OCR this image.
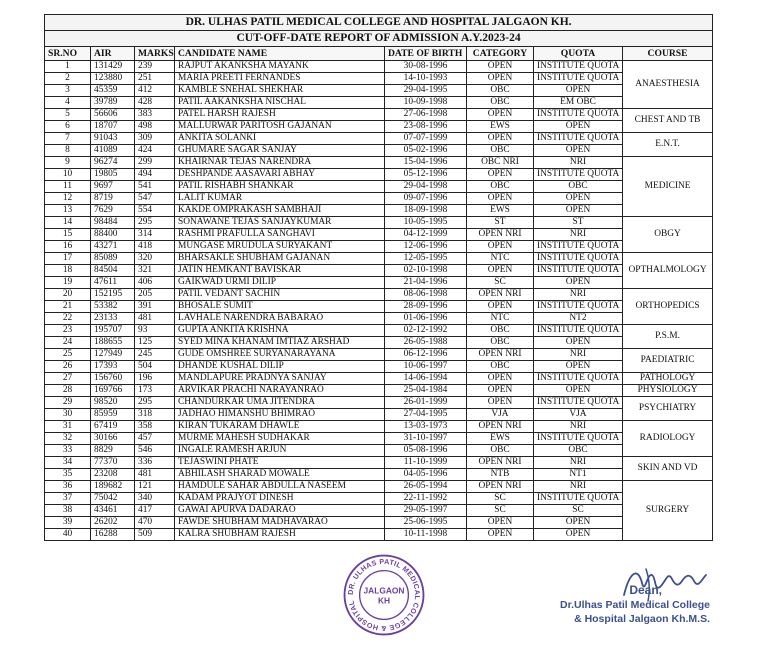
DR. ULHAS PATIL MEDICAL COLLEGE AND HOSPITAL JALGAON KH.							
CUT-OFF-DATE REPORT OF ADMISSION A.Y.2023-24							
SR.NO	AIR	MARKS	CANDIDATE NAME	DATE OF BIRTH	CATEGORY	QUOTA	COURSE
1	131429	239	RAJPUT AKANKSHA MAYANK	30-08-1996	OPEN	INSTITUTE QUOTA	ANAESTHESIA
2	123880	251	MARIA PREETI FERNANDES	14-10-1993	OPEN	INSTITUTE QUOTA	
3	45359	412	KAMBLE SNEHAL SHEKHAR	29-04-1995	OBC	OPEN	
4	39789	428	PATIL AAKANKSHA NISCHAL	10-09-1998	OBC	EM OBC	
5	56606	383	PATEL HARSH RAJESH	27-06-1998	OPEN	INSTITUTE QUOTA	CHEST AND TB
6	18707	498	MALLURWAR PARITOSH GAJANAN	23-08-1996	EWS	OPEN	
7	91043	309	ANKITA SOLANKI	07-07-1999	OPEN	INSTITUTE QUOTA	E.N.T.
8	41089	424	GHUMARE SAGAR SANJAY	05-02-1996	OBC	OPEN	
9	96274	299	KHAIRNAR TEJAS NARENDRA	15-04-1996	OBC NRI	NRI	MEDICINE
10	19805	494	DESHPANDE AASAVARI ABHAY	05-12-1996	OPEN	INSTITUTE QUOTA	
11	9697	541	PATIL RISHABH SHANKAR	29-04-1998	OBC	OBC	
12	8719	547	LALIT KUMAR	09-07-1996	OPEN	OPEN	
13	7629	554	KAKDE OMPRAKASH SAMBHAJI	18-09-1998	EWS	OPEN	
14	98484	295	SONAWANE TEJAS SANJAYKUMAR	10-05-1995	ST	ST	OBGY
15	88400	314	RASHMI PRAFULLA SANGHAVI	04-12-1999	OPEN NRI	NRI	
16	43271	418	MUNGASE MRUDULA SURYAKANT	12-06-1996	OPEN	INSTITUTE QUOTA	
17	85089	320	BHARSAKLE SHUBHAM GAJANAN	12-05-1995	NTC	INSTITUTE QUOTA	OPTHALMOLOGY
18	84504	321	JATIN HEMKANT BAVISKAR	02-10-1998	OPEN	INSTITUTE QUOTA	
19	47611	406	GAIKWAD URMI DILIP	21-04-1996	SC	OPEN	
20	152195	205	PATIL VEDANT SACHIN	08-06-1998	OPEN NRI	NRI	ORTHOPEDICS
21	53382	391	BHOSALE SUMIT	28-09-1996	OPEN	INSTITUTE QUOTA	
22	23133	481	LAVHALE NARENDRA BABARAO	01-06-1996	NTC	NT2	
23	195707	93	GUPTA ANKITA KRISHNA	02-12-1992	OBC	INSTITUTE QUOTA	P.S.M.
24	188655	125	SYED MINA KHANAM IMTIAZ ARSHAD	26-05-1988	OBC	OPEN	
25	127949	245	GUDE OMSHREE SURYANARAYANA	06-12-1996	OPEN NRI	NRI	PAEDIATRIC
26	17393	504	DHANDE KUSHAL DILIP	10-06-1997	OBC	OPEN	
27	156760	196	MANDLAPURE PRADNYA SANJAY	14-06-1994	OPEN	INSTITUTE QUOTA	PATHOLOGY
28	169766	173	ARVIKAR PRACHI NARAYANRAO	25-04-1984	OPEN	OPEN	PHYSIOLOGY
29	98520	295	CHANDURKAR UMA JITENDRA	26-01-1999	OPEN	INSTITUTE QUOTA	PSYCHIATRY
30	85959	318	JADHAO HIMANSHU BHIMRAO	27-04-1995	VJA	VJA	
31	67419	358	KIRAN TUKARAM DHAWLE	13-03-1973	OPEN NRI	NRI	RADIOLOGY
32	30166	457	MURME MAHESH SUDHAKAR	31-10-1997	EWS	INSTITUTE QUOTA	
33	8829	546	INGALE RAMESH ARJUN	05-08-1996	OBC	OBC	
34	77370	336	TEJASWINI PHATE	11-10-1999	OPEN NRI	NRI	SKIN AND VD
35	23208	481	ABHILASH SHARAD MOWALE	04-05-1996	NTB	NT1	
36	189682	121	HAMDULE SAHAR ABDULLA NASEEM	26-05-1994	OPEN NRI	NRI	SURGERY
37	75042	340	KADAM PRAJYOT DINESH	22-11-1992	SC	INSTITUTE QUOTA	
38	43461	417	GAWAI APURVA DADARAO	29-05-1997	SC	SC	
39	26202	470	FAWDE SHUBHAM MADHAVARAO	25-06-1995	OPEN	OPEN	
40	16288	509	KALRA SHUBHAM RAJESH	10-11-1998	OPEN	OPEN	
DR. ULHAS PATIL MEDICAL COLLEGE & HOSPITAL
JALGAON
KH
Dean,
Dr.Ulhas Patil Medical College
& Hospital Jalgaon Kh.M.S.
